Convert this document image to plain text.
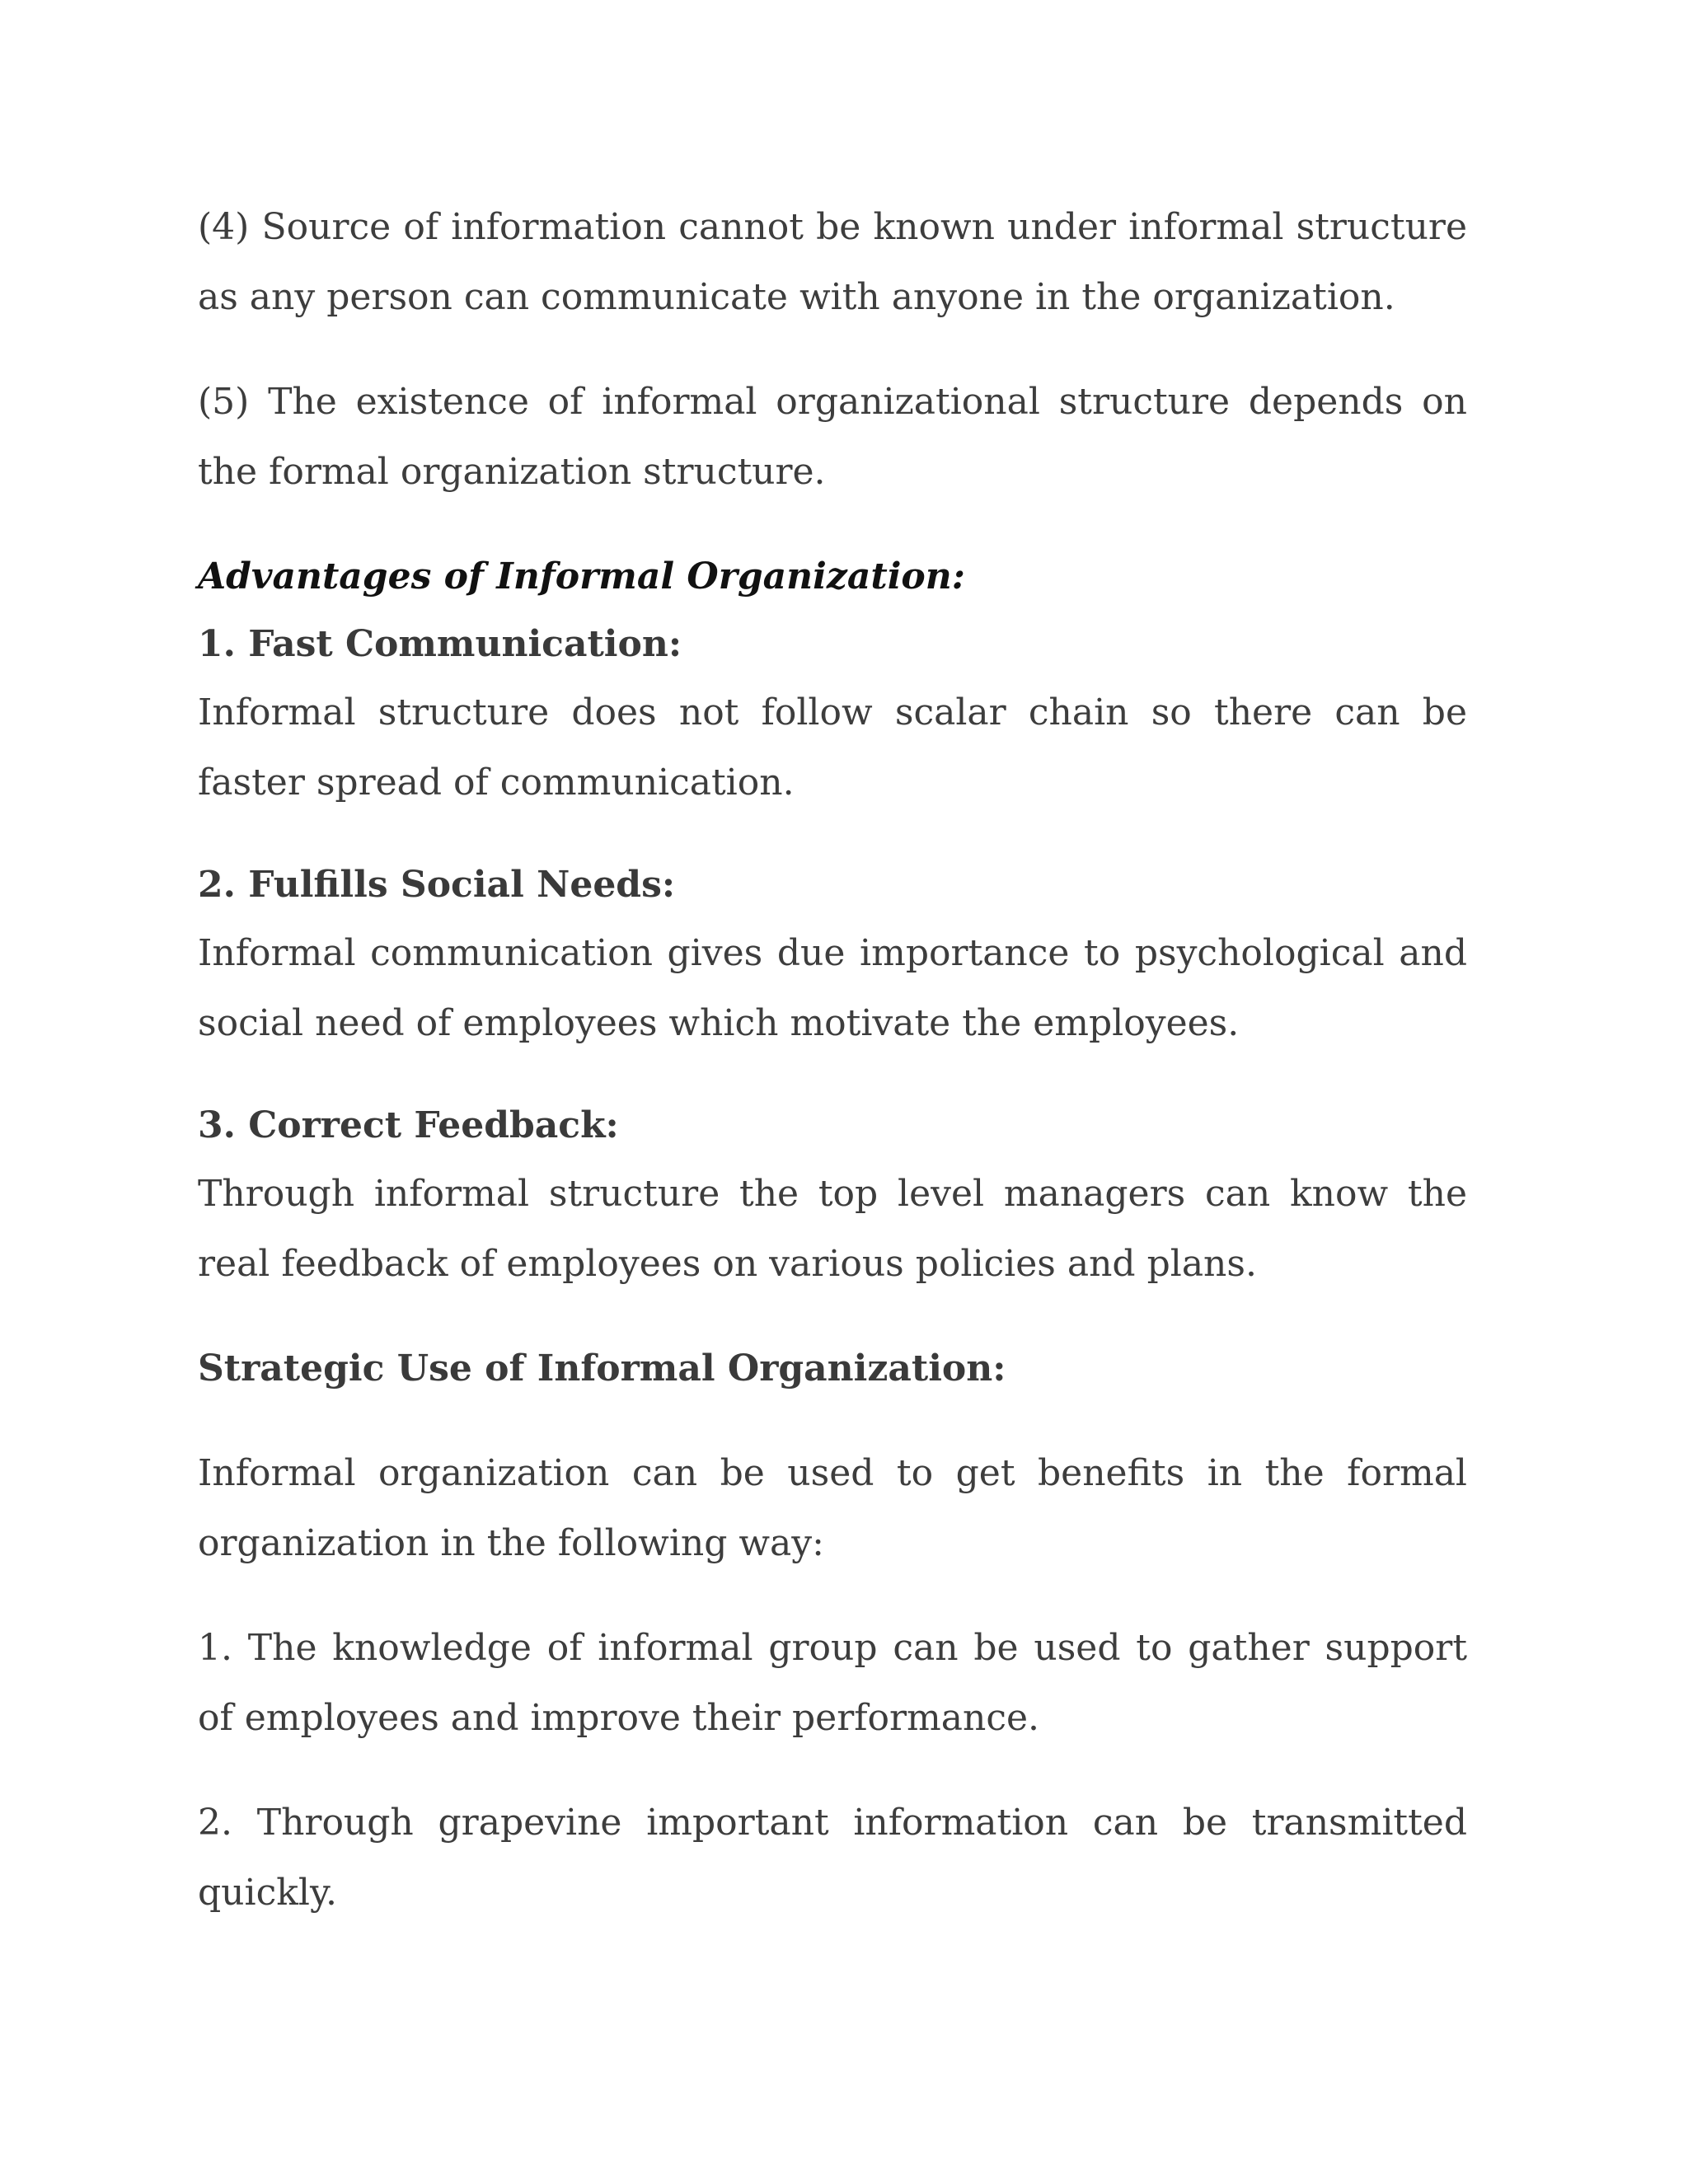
(4) Source of information cannot be known under informal structure as any person can communicate with anyone in the organization.

(5) The existence of informal organizational structure depends on the formal organization structure.

Advantages of Informal Organization:

1. Fast Communication:

Informal structure does not follow scalar chain so there can be faster spread of communication.

2. Fulfills Social Needs:

Informal communication gives due importance to psychological and social need of employees which motivate the employees.

3. Correct Feedback:

Through informal structure the top level managers can know the real feedback of employees on various policies and plans.

Strategic Use of Informal Organization:

Informal organization can be used to get benefits in the formal organization in the following way:

1. The knowledge of informal group can be used to gather support of employees and improve their performance.

2. Through grapevine important information can be transmitted quickly.
